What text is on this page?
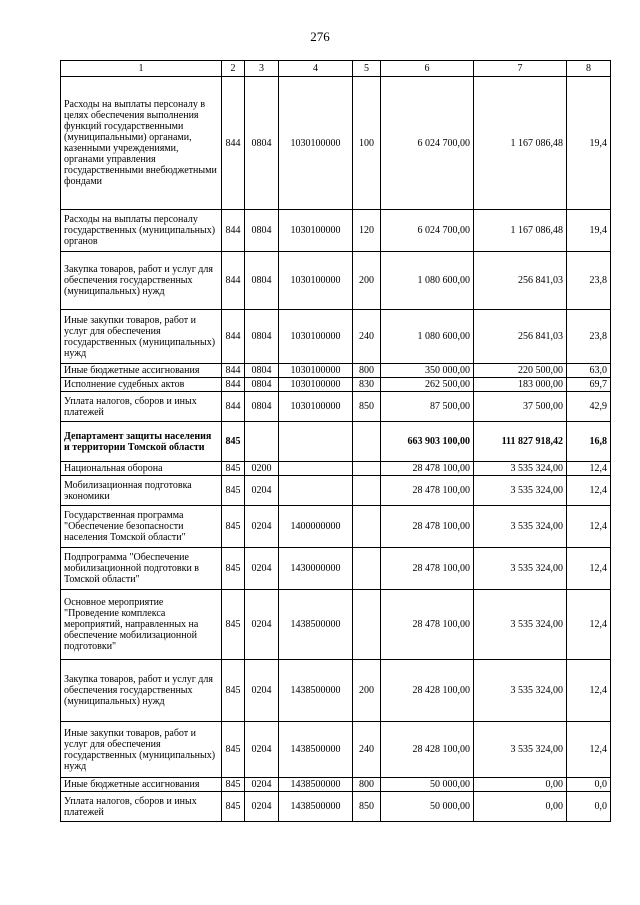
276
1	2	3	4	5	6	7	8
Расходы на выплаты персоналу в целях обеспечения выполнения функций государственными (муниципальными) органами, казенными учреждениями, органами управления государственными внебюджетными фондами	844	0804	1030100000	100	6 024 700,00	1 167 086,48	19,4
Расходы на выплаты персоналу государственных (муниципальных) органов	844	0804	1030100000	120	6 024 700,00	1 167 086,48	19,4
Закупка товаров, работ и услуг для обеспечения государственных (муниципальных) нужд	844	0804	1030100000	200	1 080 600,00	256 841,03	23,8
Иные закупки товаров, работ и услуг для обеспечения государственных (муниципальных) нужд	844	0804	1030100000	240	1 080 600,00	256 841,03	23,8
Иные бюджетные ассигнования	844	0804	1030100000	800	350 000,00	220 500,00	63,0
Исполнение судебных актов	844	0804	1030100000	830	262 500,00	183 000,00	69,7
Уплата налогов, сборов и иных платежей	844	0804	1030100000	850	87 500,00	37 500,00	42,9
Департамент защиты населения и территории Томской области	845				663 903 100,00	111 827 918,42	16,8
Национальная оборона	845	0200			28 478 100,00	3 535 324,00	12,4
Мобилизационная подготовка экономики	845	0204			28 478 100,00	3 535 324,00	12,4
Государственная программа "Обеспечение безопасности населения Томской области"	845	0204	1400000000		28 478 100,00	3 535 324,00	12,4
Подпрограмма "Обеспечение мобилизационной подготовки в Томской области"	845	0204	1430000000		28 478 100,00	3 535 324,00	12,4
Основное мероприятие "Проведение комплекса мероприятий, направленных на обеспечение мобилизационной подготовки"	845	0204	1438500000		28 478 100,00	3 535 324,00	12,4
Закупка товаров, работ и услуг для обеспечения государственных (муниципальных) нужд	845	0204	1438500000	200	28 428 100,00	3 535 324,00	12,4
Иные закупки товаров, работ и услуг для обеспечения государственных (муниципальных) нужд	845	0204	1438500000	240	28 428 100,00	3 535 324,00	12,4
Иные бюджетные ассигнования	845	0204	1438500000	800	50 000,00	0,00	0,0
Уплата налогов, сборов и иных платежей	845	0204	1438500000	850	50 000,00	0,00	0,0
